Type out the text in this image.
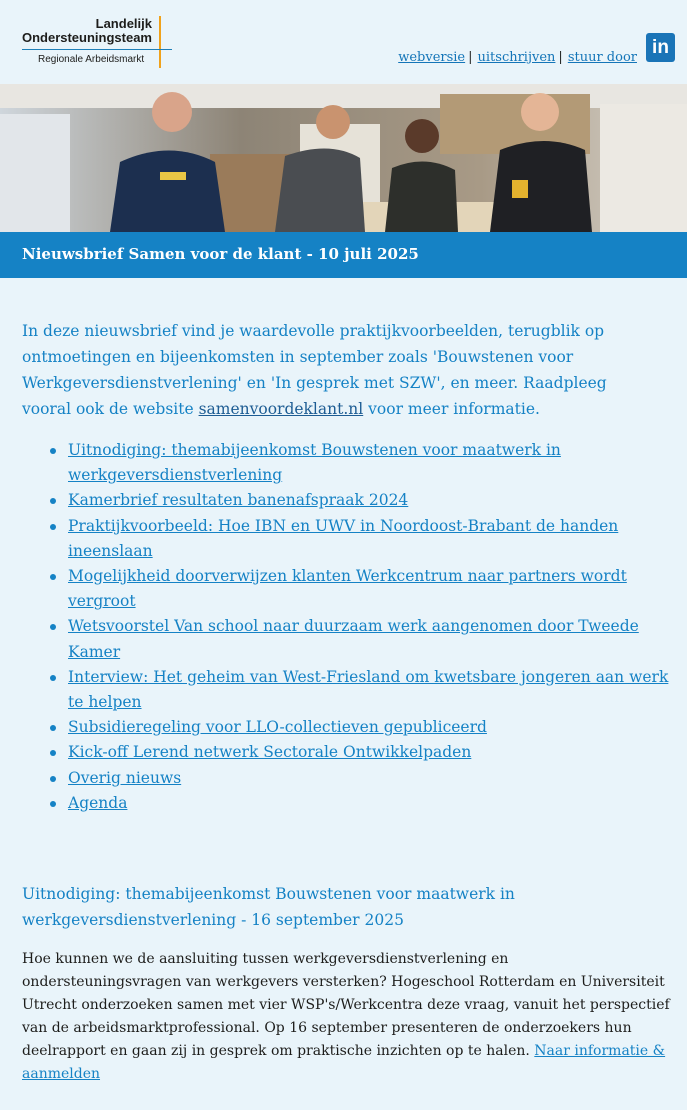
Landelijk
Ondersteuningsteam
Regionale Arbeidsmarkt	webversie | uitschrijven | stuur door in
Nieuwsbrief Samen voor de klant - 10 juli 2025

In deze nieuwsbrief vind je waardevolle praktijkvoorbeelden, terugblik op ontmoetingen en bijeenkomsten in september zoals 'Bouwstenen voor Werkgeversdienstverlening' en 'In gesprek met SZW', en meer. Raadpleeg vooral ook de website samenvoordeklant.nl voor meer informatie.

Uitnodiging: themabijeenkomst Bouwstenen voor maatwerk in werkgeversdienstverlening
Kamerbrief resultaten banenafspraak 2024
Praktijkvoorbeeld: Hoe IBN en UWV in Noordoost-Brabant de handen ineenslaan
Mogelijkheid doorverwijzen klanten Werkcentrum naar partners wordt vergroot
Wetsvoorstel Van school naar duurzaam werk aangenomen door Tweede Kamer
Interview: Het geheim van West-Friesland om kwetsbare jongeren aan werk te helpen
Subsidieregeling voor LLO-collectieven gepubliceerd
Kick-off Lerend netwerk Sectorale Ontwikkelpaden
Overig nieuws
Agenda
Uitnodiging: themabijeenkomst Bouwstenen voor maatwerk in werkgeversdienstverlening - 16 september 2025

Hoe kunnen we de aansluiting tussen werkgeversdienstverlening en ondersteuningsvragen van werkgevers versterken? Hogeschool Rotterdam en Universiteit Utrecht onderzoeken samen met vier WSP's/Werkcentra deze vraag, vanuit het perspectief van de arbeidsmarktprofessional. Op 16 september presenteren de onderzoekers hun deelrapport en gaan zij in gesprek om praktische inzichten op te halen. Naar informatie & aanmelden
